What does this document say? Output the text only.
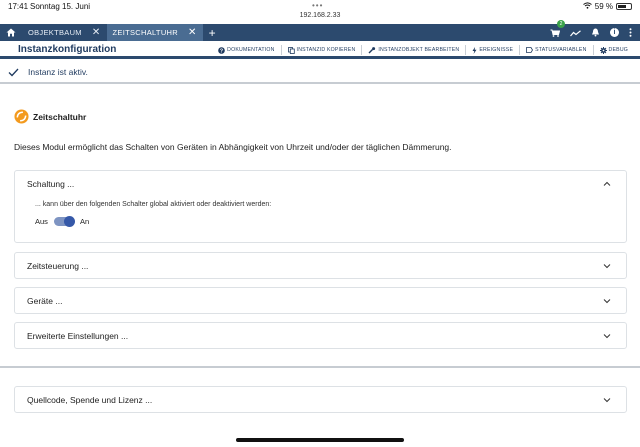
17:41 Sonntag 15. Juni	•••
192.168.2.33
59 %
OBJEKTBAUM ✕ ZEITSCHALTUHR ✕	+
2
i
Instanzkonfiguration	? DOKUMENTATION	INSTANZID KOPIEREN	INSTANZOBJEKT BEARBEITEN	EREIGNISSE	STATUSVARIABLEN	DEBUG
Instanz ist aktiv.
Zeitschaltuhr
Dieses Modul ermöglicht das Schalten von Geräten in Abhängigkeit von Uhrzeit und/oder der täglichen Dämmerung.
Schaltung ...
... kann über den folgenden Schalter global aktiviert oder deaktiviert werden:
Aus	An
Zeitsteuerung ...
Geräte ...
Erweiterte Einstellungen ...
Quellcode, Spende und Lizenz ...
